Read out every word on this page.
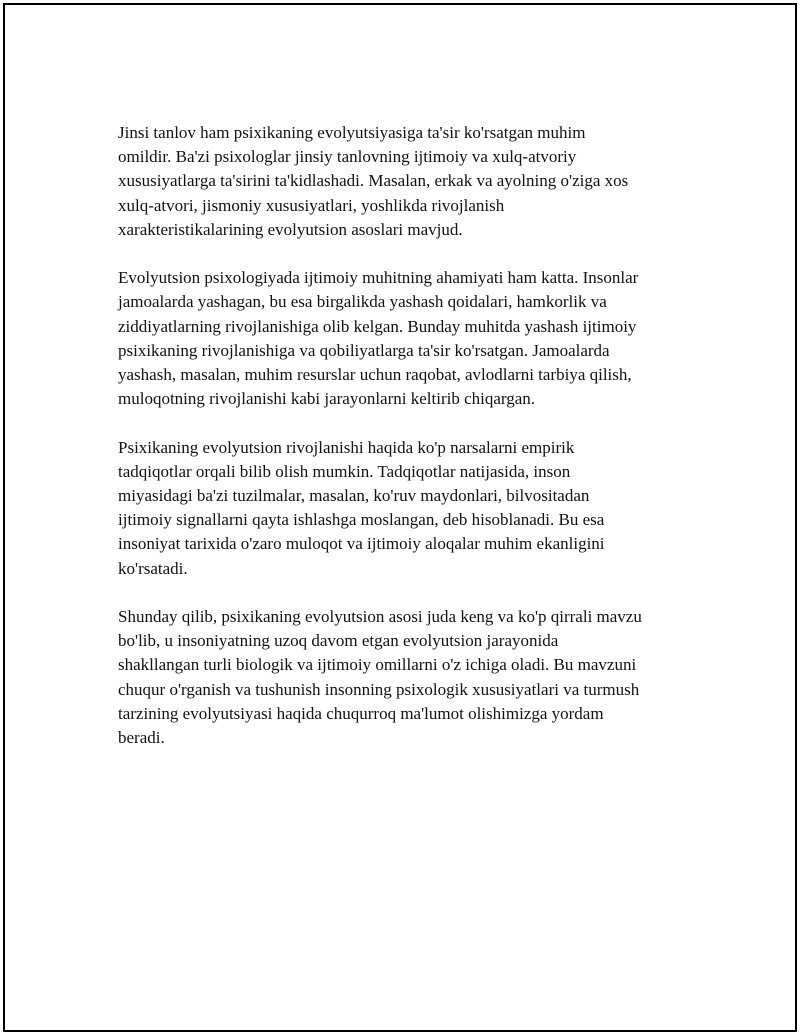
Jinsi tanlov ham psixikaning evolyutsiyasiga ta'sir ko'rsatgan muhim
omildir. Ba'zi psixologlar jinsiy tanlovning ijtimoiy va xulq-atvoriy
xususiyatlarga ta'sirini ta'kidlashadi. Masalan, erkak va ayolning o'ziga xos
xulq-atvori, jismoniy xususiyatlari, yoshlikda rivojlanish
xarakteristikalarining evolyutsion asoslari mavjud.

Evolyutsion psixologiyada ijtimoiy muhitning ahamiyati ham katta. Insonlar
jamoalarda yashagan, bu esa birgalikda yashash qoidalari, hamkorlik va
ziddiyatlarning rivojlanishiga olib kelgan. Bunday muhitda yashash ijtimoiy
psixikaning rivojlanishiga va qobiliyatlarga ta'sir ko'rsatgan. Jamoalarda
yashash, masalan, muhim resurslar uchun raqobat, avlodlarni tarbiya qilish,
muloqotning rivojlanishi kabi jarayonlarni keltirib chiqargan.

Psixikaning evolyutsion rivojlanishi haqida ko'p narsalarni empirik
tadqiqotlar orqali bilib olish mumkin. Tadqiqotlar natijasida, inson
miyasidagi ba'zi tuzilmalar, masalan, ko'ruv maydonlari, bilvositadan
ijtimoiy signallarni qayta ishlashga moslangan, deb hisoblanadi. Bu esa
insoniyat tarixida o'zaro muloqot va ijtimoiy aloqalar muhim ekanligini
ko'rsatadi.

Shunday qilib, psixikaning evolyutsion asosi juda keng va ko'p qirrali mavzu
bo'lib, u insoniyatning uzoq davom etgan evolyutsion jarayonida
shakllangan turli biologik va ijtimoiy omillarni o'z ichiga oladi. Bu mavzuni
chuqur o'rganish va tushunish insonning psixologik xususiyatlari va turmush
tarzining evolyutsiyasi haqida chuqurroq ma'lumot olishimizga yordam
beradi.
